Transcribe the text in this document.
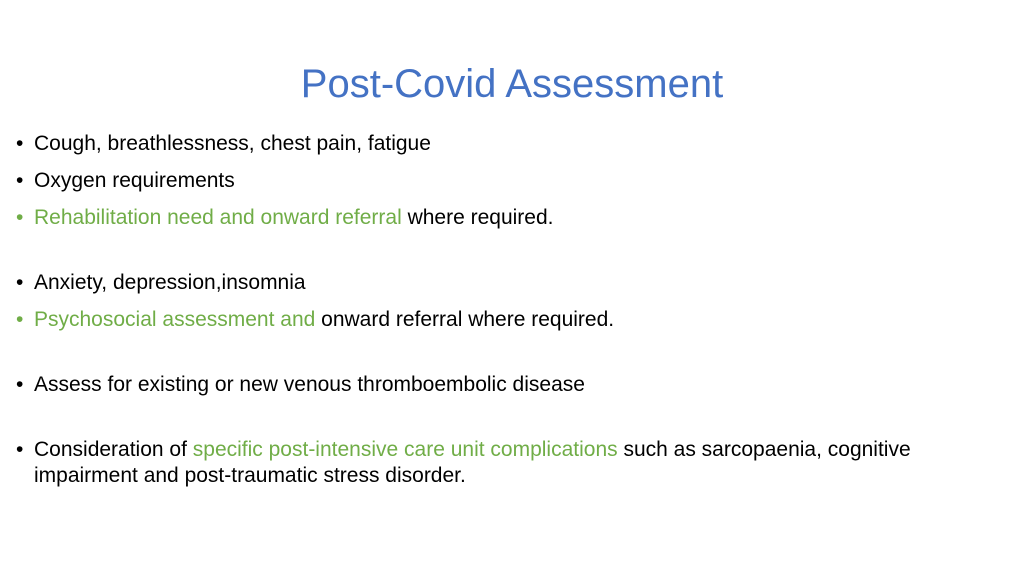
Post-Covid Assessment
• Cough, breathlessness, chest pain, fatigue
• Oxygen requirements
• Rehabilitation need and onward referral where required.
• Anxiety, depression,insomnia
• Psychosocial assessment and onward referral where required.
• Assess for existing or new venous thromboembolic disease
• Consideration of specific post-intensive care unit complications such as sarcopaenia, cognitive impairment and post-traumatic stress disorder.
